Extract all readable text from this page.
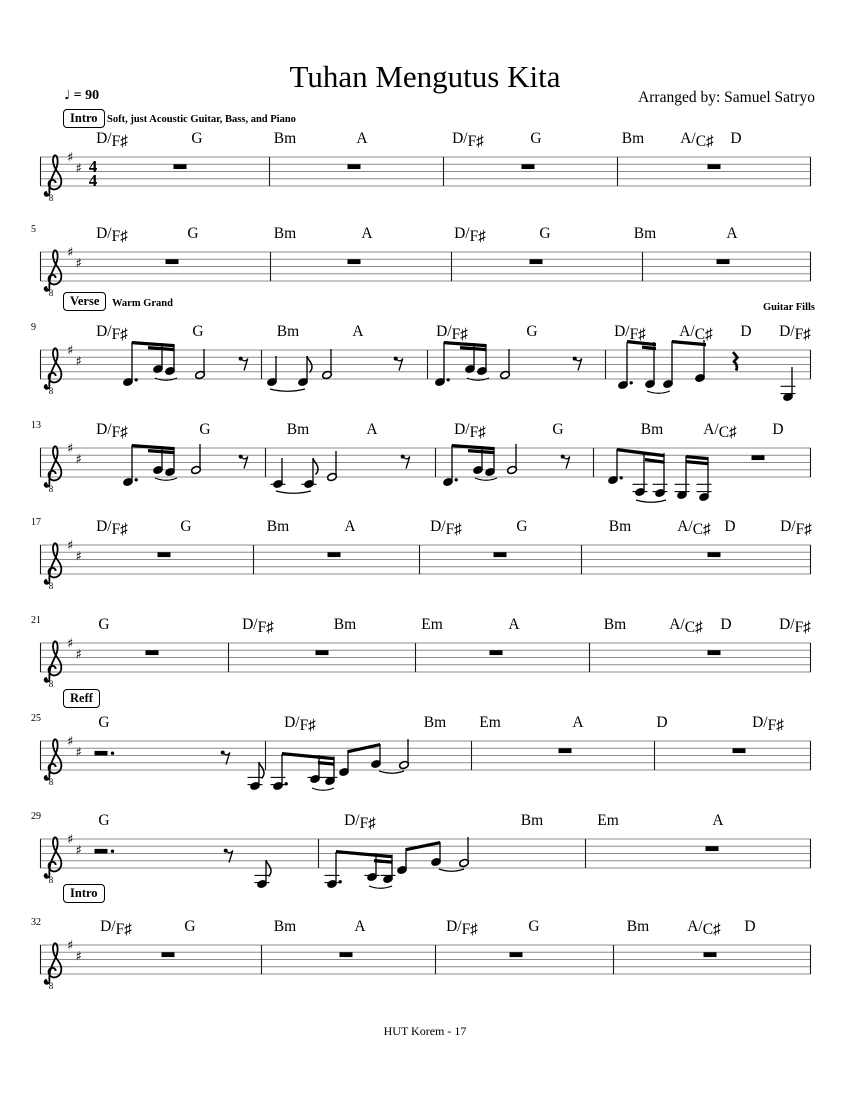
Tuhan Mengutus Kita
♩ = 90	Arranged by: Samuel Satryo
HUT Korem - 17
Intro Soft, just Acoustic Guitar, Bass, and Piano
Verse	Warm Grand	Guitar Fills
Reff
Intro
8
♯
♯ 4
4
D/F♯	G	Bm	A	D/F♯	G	Bm A/C♯ D
8
♯
♯
5	D/F♯	G	Bm	A	D/F♯	G	Bm	A
8
♯
♯
9	D/F♯	G	Bm	A	D/F♯	G	D/F♯ A/C♯ D D/F♯
8
♯
♯
13	D/F♯	G	Bm	A	D/F♯	G	Bm	A/C♯ D
8
♯
♯
17	D/F♯	G	Bm	A	D/F♯	G	Bm	A/C♯ D	D/F♯
8
♯
♯
21	G	D/F♯	Bm	Em	A	Bm	A/C♯ D	D/F♯
8
♯
♯
25	G	D/F♯	Bm Em	A	D	D/F♯
8
♯
♯
29	G	D/F♯	Bm	Em	A
8
♯
♯
32	D/F♯	G	Bm	A	D/F♯	G	Bm A/C♯ D
